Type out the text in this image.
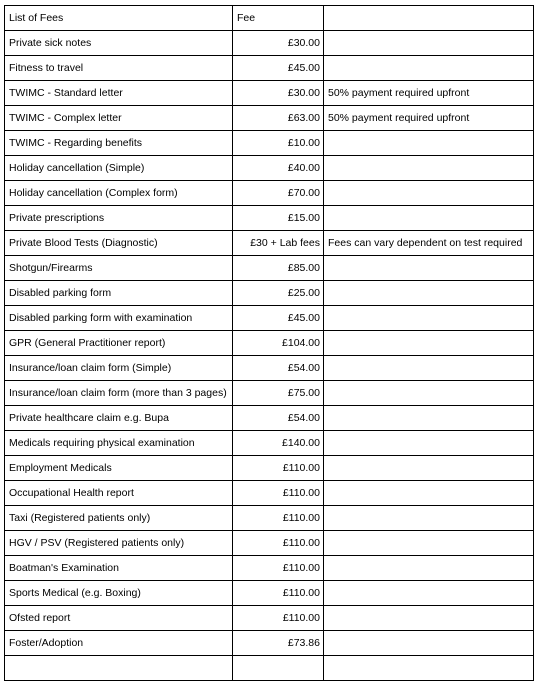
List of Fees	Fee	
Private sick notes	£30.00	
Fitness to travel	£45.00	
TWIMC - Standard letter	£30.00	50% payment required upfront
TWIMC - Complex letter	£63.00	50% payment required upfront
TWIMC - Regarding benefits	£10.00	
Holiday cancellation (Simple)	£40.00	
Holiday cancellation (Complex form)	£70.00	
Private prescriptions	£15.00	
Private Blood Tests (Diagnostic)	£30 + Lab fees	Fees can vary dependent on test required
Shotgun/Firearms	£85.00	
Disabled parking form	£25.00	
Disabled parking form with examination	£45.00	
GPR (General Practitioner report)	£104.00	
Insurance/loan claim form (Simple)	£54.00	
Insurance/loan claim form (more than 3 pages)	£75.00	
Private healthcare claim e.g. Bupa	£54.00	
Medicals requiring physical examination	£140.00	
Employment Medicals	£110.00	
Occupational Health report	£110.00	
Taxi (Registered patients only)	£110.00	
HGV / PSV (Registered patients only)	£110.00	
Boatman's Examination	£110.00	
Sports Medical (e.g. Boxing)	£110.00	
Ofsted report	£110.00	
Foster/Adoption	£73.86	
